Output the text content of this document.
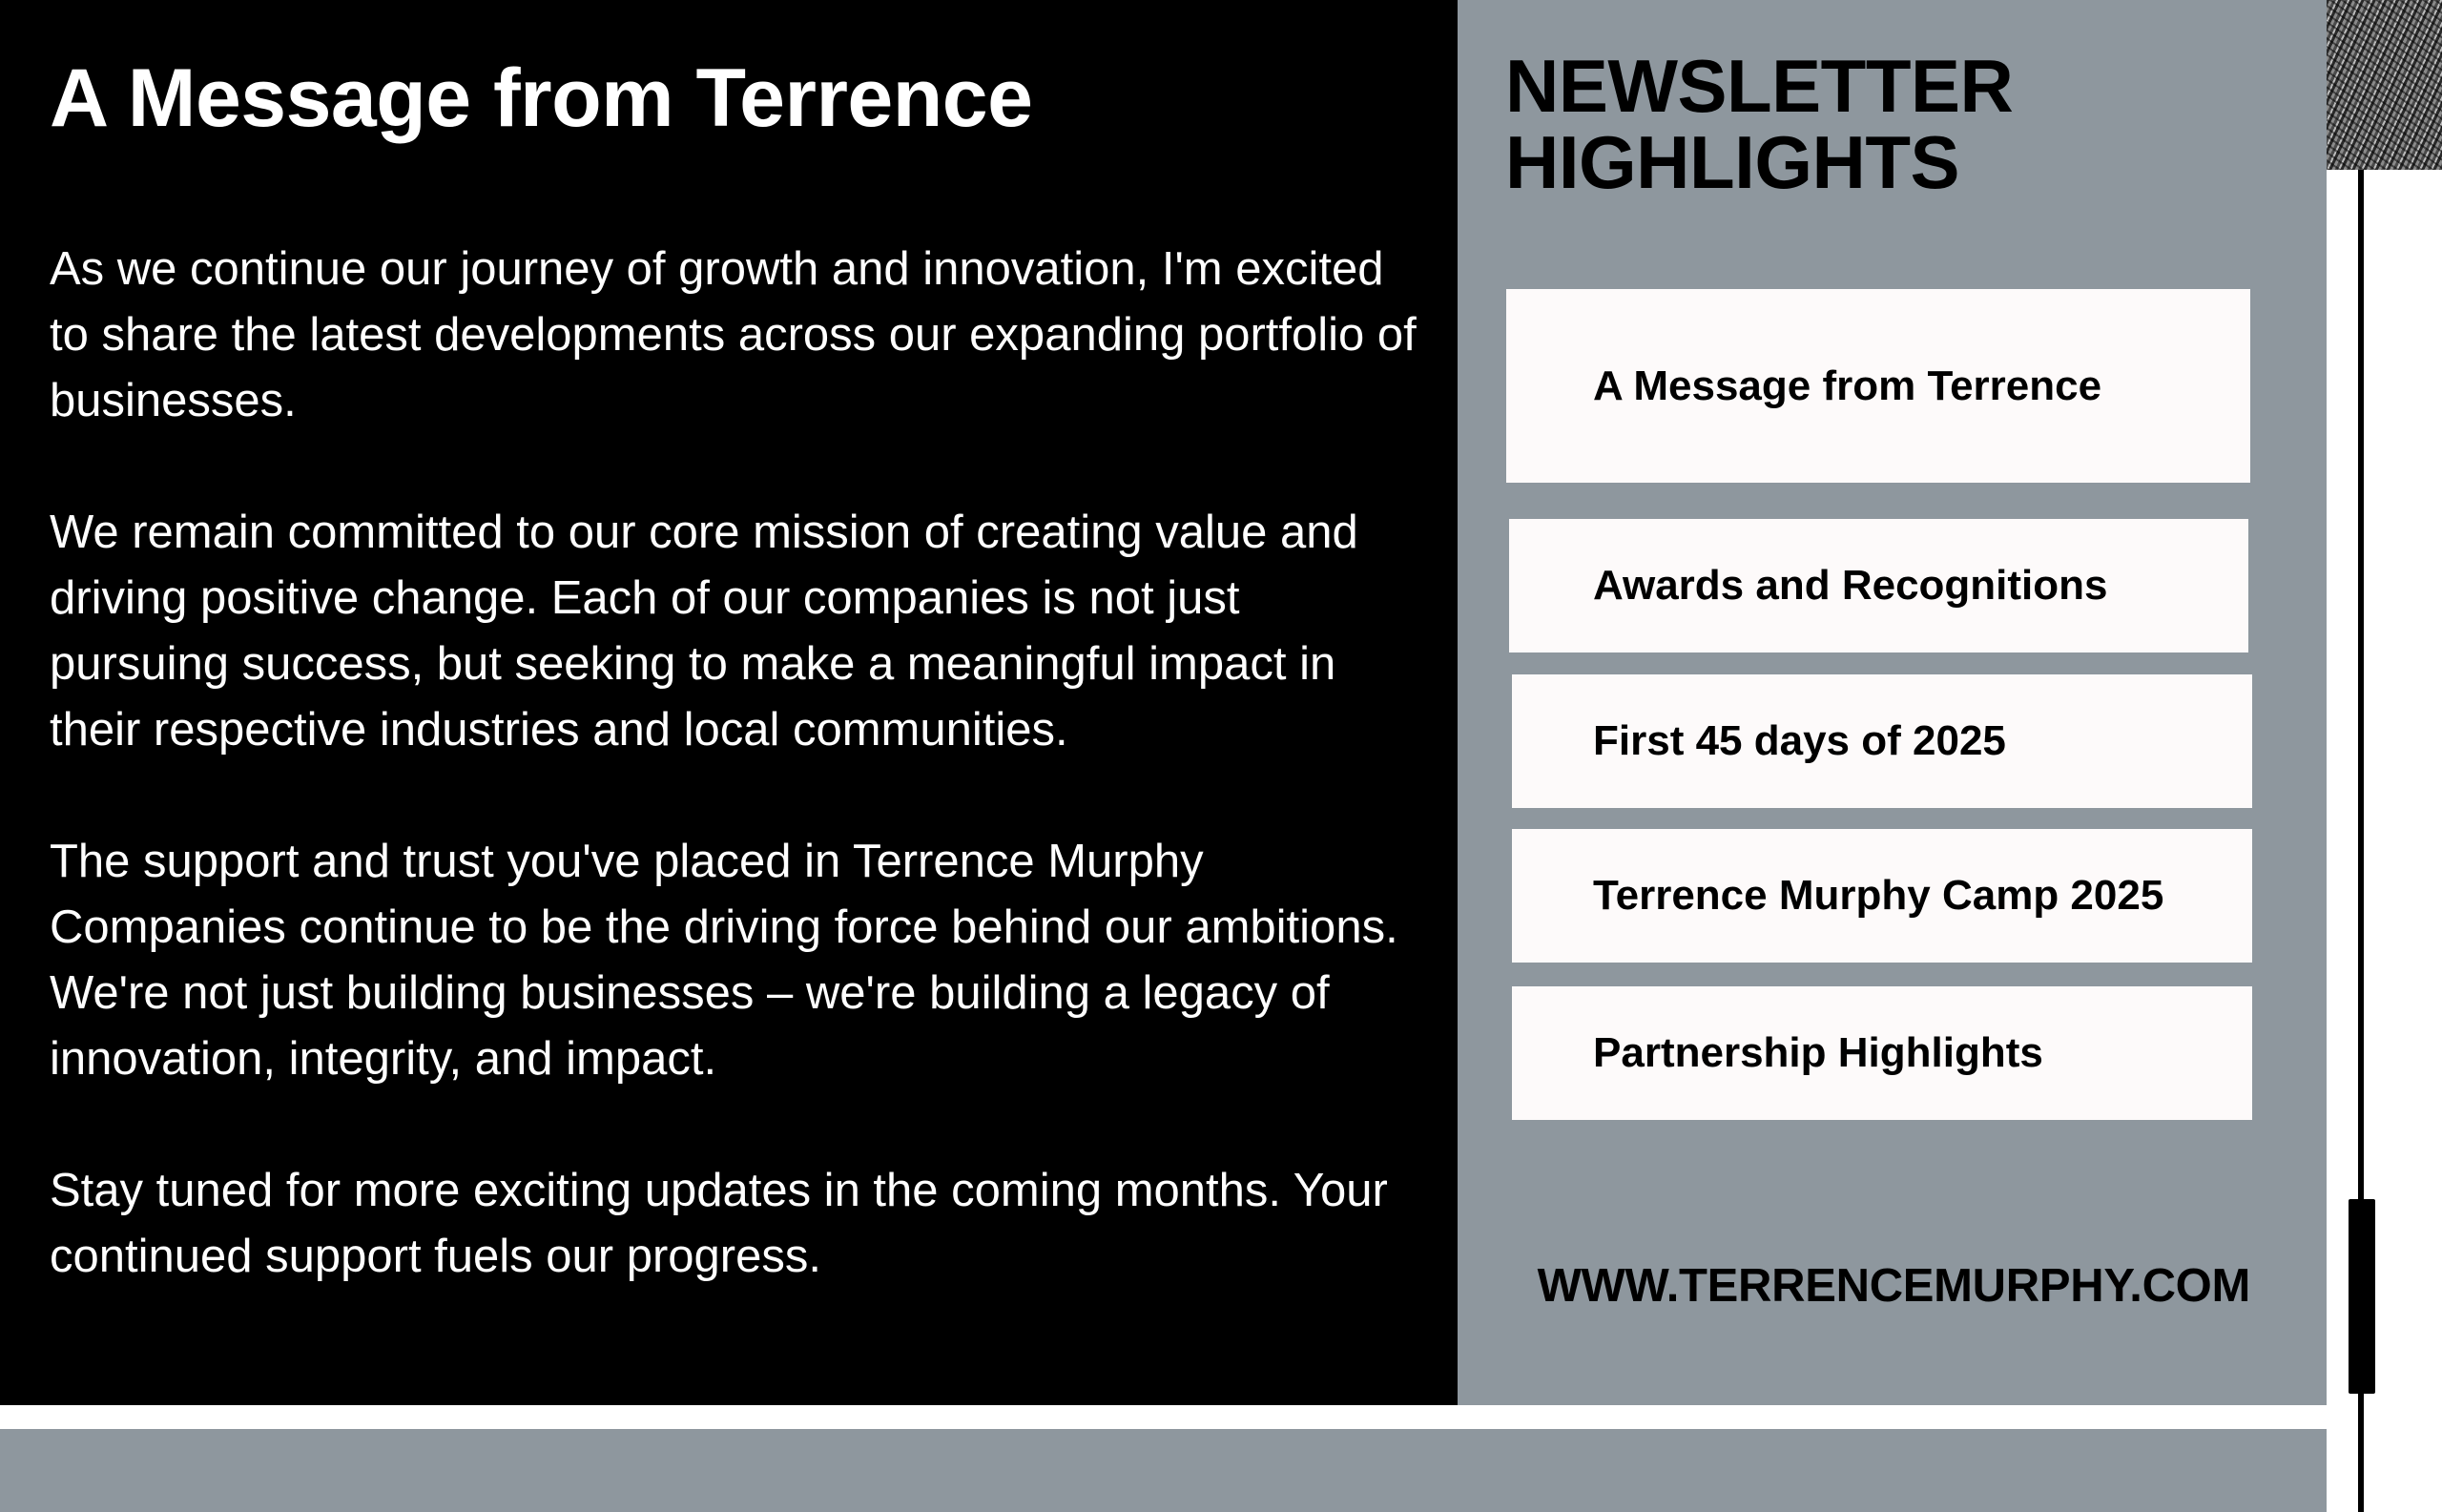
A Message from Terrence

As we continue our journey of growth and innovation, I'm excited to share the latest developments across our expanding portfolio of businesses.

We remain committed to our core mission of creating value and driving positive change. Each of our companies is not just pursuing success, but seeking to make a meaningful impact in their respective industries and local communities.

The support and trust you've placed in Terrence Murphy Companies continue to be the driving force behind our ambitions. We're not just building businesses – we're building a legacy of innovation, integrity, and impact.

Stay tuned for more exciting updates in the coming months. Your continued support fuels our progress.

NEWSLETTER
HIGHLIGHTS
A Message from Terrence
Awards and Recognitions
First 45 days of 2025
Terrence Murphy Camp 2025
Partnership Highlights
WWW.TERRENCEMURPHY.COM
